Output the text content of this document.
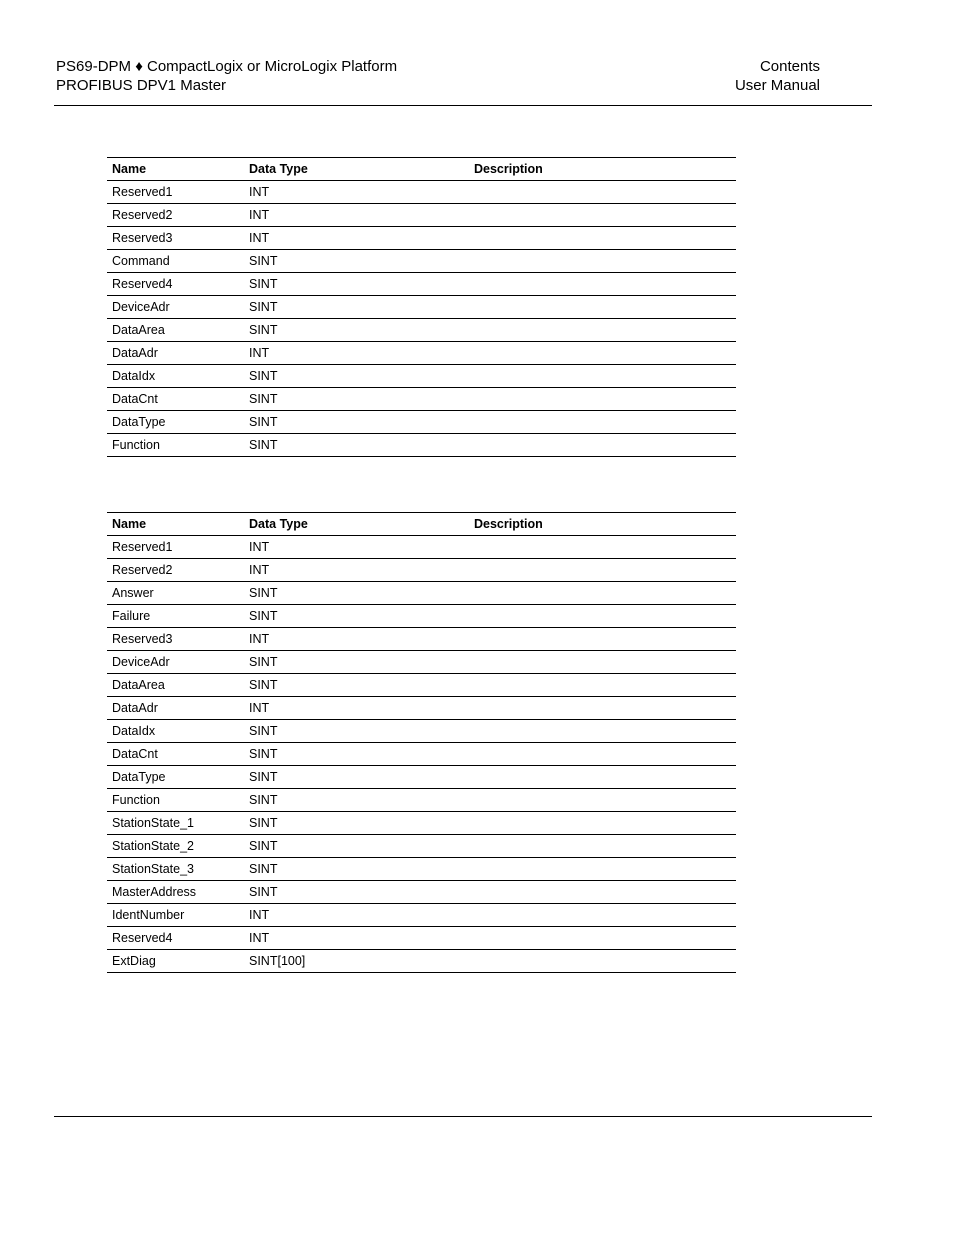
PS69-DPM ♦ CompactLogix or MicroLogix Platform
PROFIBUS DPV1 Master
Contents
User Manual
Name	Data Type	Description
Reserved1	INT	
Reserved2	INT	
Reserved3	INT	
Command	SINT	
Reserved4	SINT	
DeviceAdr	SINT	
DataArea	SINT	
DataAdr	INT	
DataIdx	SINT	
DataCnt	SINT	
DataType	SINT	
Function	SINT	
Name	Data Type	Description
Reserved1	INT	
Reserved2	INT	
Answer	SINT	
Failure	SINT	
Reserved3	INT	
DeviceAdr	SINT	
DataArea	SINT	
DataAdr	INT	
DataIdx	SINT	
DataCnt	SINT	
DataType	SINT	
Function	SINT	
StationState_1	SINT	
StationState_2	SINT	
StationState_3	SINT	
MasterAddress	SINT	
IdentNumber	INT	
Reserved4	INT	
ExtDiag	SINT[100]	
